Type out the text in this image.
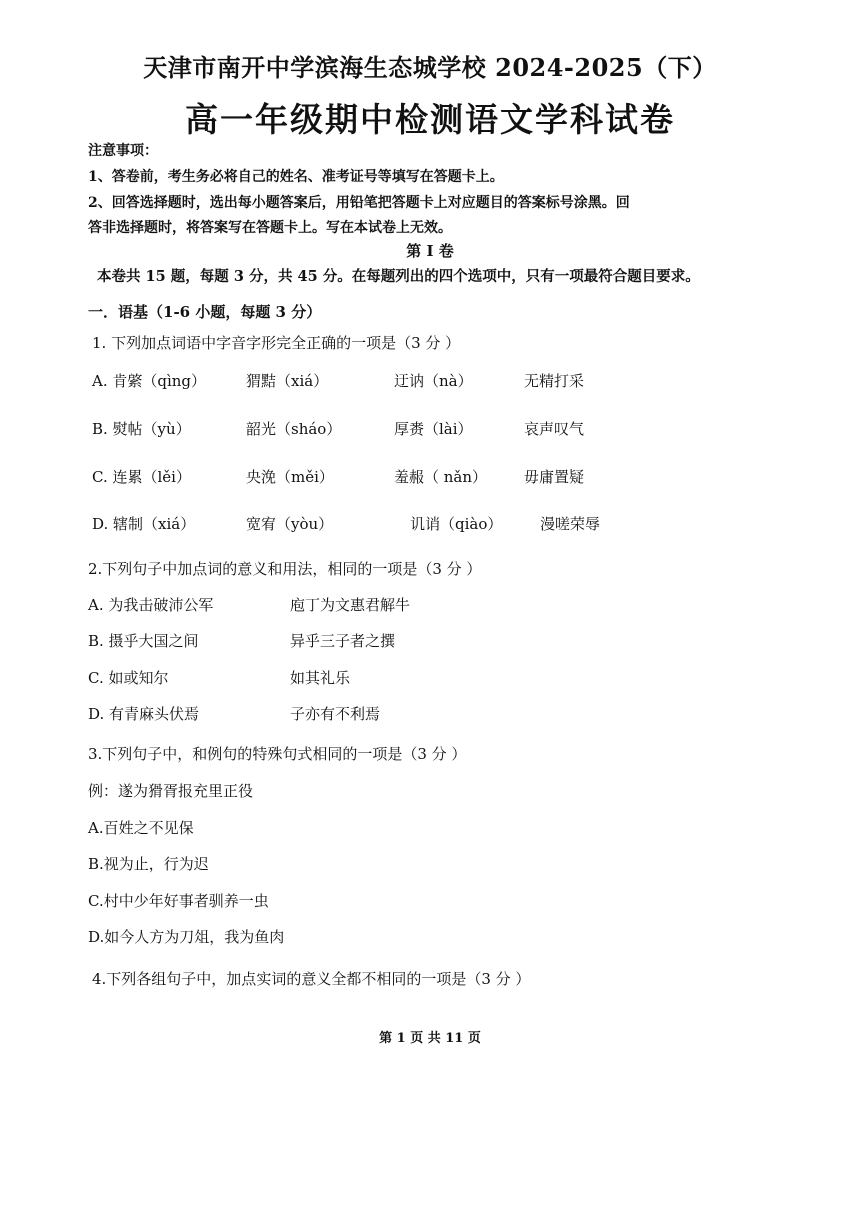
天津市南开中学滨海生态城学校 2024-2025（下）
高一年级期中检测语文学科试卷
注意事项：
1、答卷前，考生务必将自己的姓名、准考证号等填写在答题卡上。
2、回答选择题时，选出每小题答案后，用铅笔把答题卡上对应题目的答案标号涂黑。回
答非选择题时，将答案写在答题卡上。写在本试卷上无效。
第 I 卷
本卷共 15 题，每题 3 分，共 45 分。在每题列出的四个选项中，只有一项最符合题目要求。
一．语基（1-6 小题，每题 3 分）
1. 下列加点词语中字音字形完全正确的一项是（3 分 ）
A. 肯綮（qìng）	猬黠（xiá）	迂讷（nà）	无精打采
B. 熨帖（yù）	韶光（sháo）	厚赉（lài）	哀声叹气
C. 连累（lěi）	央浼（měi）	羞赧（ nǎn） 毋庸置疑
D. 辖制（xiá）	宽宥（yòu）	讥诮（qiào）	漫嗟荣辱
2.下列句子中加点词的意义和用法，相同的一项是（3 分 ）
A. 为我击破沛公军	庖丁为文惠君解牛
B. 摄乎大国之间	异乎三子者之撰
C. 如或知尔	如其礼乐
D. 有青麻头伏焉	子亦有不利焉
3.下列句子中，和例句的特殊句式相同的一项是（3 分 ）
例：遂为猾胥报充里正役
A.百姓之不见保
B.视为止，行为迟
C.村中少年好事者驯养一虫
D.如今人方为刀俎，我为鱼肉
4.下列各组句子中，加点实词的意义全都不相同的一项是（3 分 ）
第 1 页 共 11 页
